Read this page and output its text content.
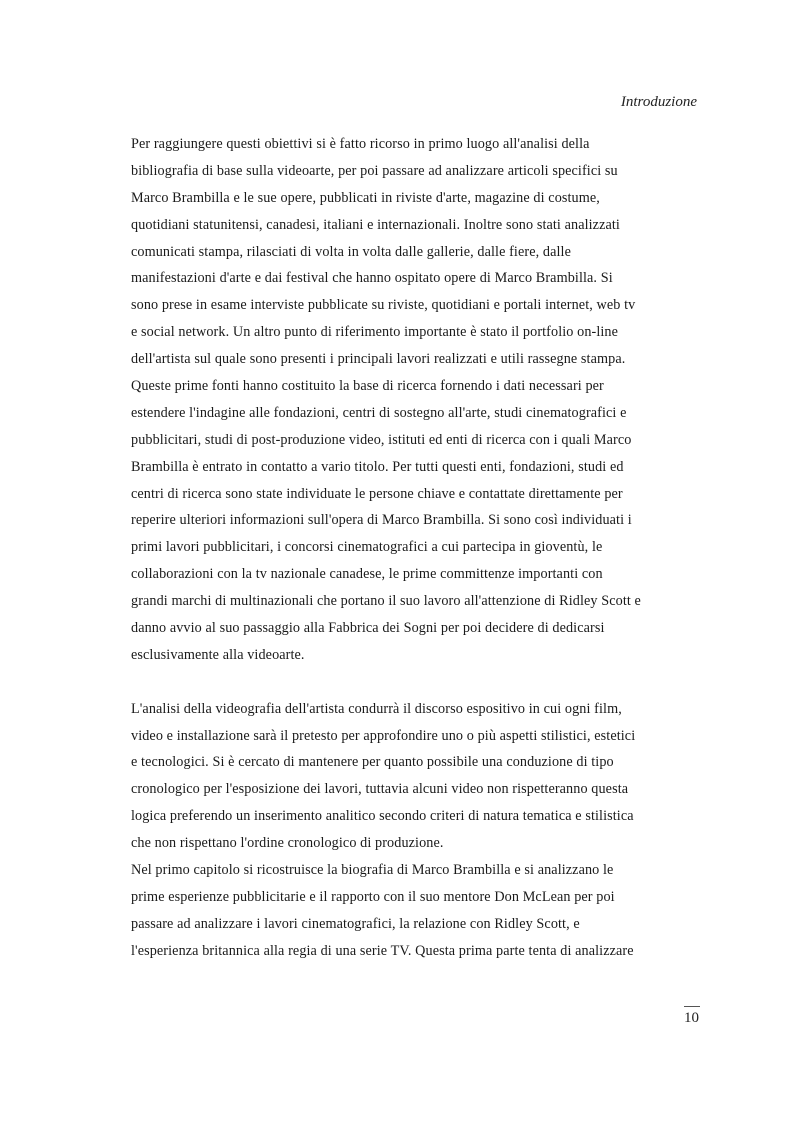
Introduzione
Per raggiungere questi obiettivi si è fatto ricorso in primo luogo all'analisi della
bibliografia di base sulla videoarte, per poi passare ad analizzare articoli specifici su
Marco Brambilla e le sue opere, pubblicati in riviste d'arte, magazine di costume,
quotidiani statunitensi, canadesi, italiani e internazionali. Inoltre sono stati analizzati
comunicati stampa, rilasciati di volta in volta dalle gallerie, dalle fiere, dalle
manifestazioni d'arte e dai festival che hanno ospitato opere di Marco Brambilla. Si
sono prese in esame interviste pubblicate su riviste, quotidiani e portali internet, web tv
e social network. Un altro punto di riferimento importante è stato il portfolio on-line
dell'artista sul quale sono presenti i principali lavori realizzati e utili rassegne stampa.
Queste prime fonti hanno costituito la base di ricerca fornendo i dati necessari per
estendere l'indagine alle fondazioni, centri di sostegno all'arte, studi cinematografici e
pubblicitari, studi di post-produzione video, istituti ed enti di ricerca con i quali Marco
Brambilla è entrato in contatto a vario titolo. Per tutti questi enti, fondazioni, studi ed
centri di ricerca sono state individuate le persone chiave e contattate direttamente per
reperire ulteriori informazioni sull'opera di Marco Brambilla. Si sono così individuati i
primi lavori pubblicitari, i concorsi cinematografici a cui partecipa in gioventù, le
collaborazioni con la tv nazionale canadese, le prime committenze importanti con
grandi marchi di multinazionali che portano il suo lavoro all'attenzione di Ridley Scott e
danno avvio al suo passaggio alla Fabbrica dei Sogni per poi decidere di dedicarsi
esclusivamente alla videoarte.
L'analisi della videografia dell'artista condurrà il discorso espositivo in cui ogni film,
video e installazione sarà il pretesto per approfondire uno o più aspetti stilistici, estetici
e tecnologici. Si è cercato di mantenere per quanto possibile una conduzione di tipo
cronologico per l'esposizione dei lavori, tuttavia alcuni video non rispetteranno questa
logica preferendo un inserimento analitico secondo criteri di natura tematica e stilistica
che non rispettano l'ordine cronologico di produzione.
Nel primo capitolo si ricostruisce la biografia di Marco Brambilla e si analizzano le
prime esperienze pubblicitarie e il rapporto con il suo mentore Don McLean per poi
passare ad analizzare i lavori cinematografici, la relazione con Ridley Scott, e
l'esperienza britannica alla regia di una serie TV. Questa prima parte tenta di analizzare
10
